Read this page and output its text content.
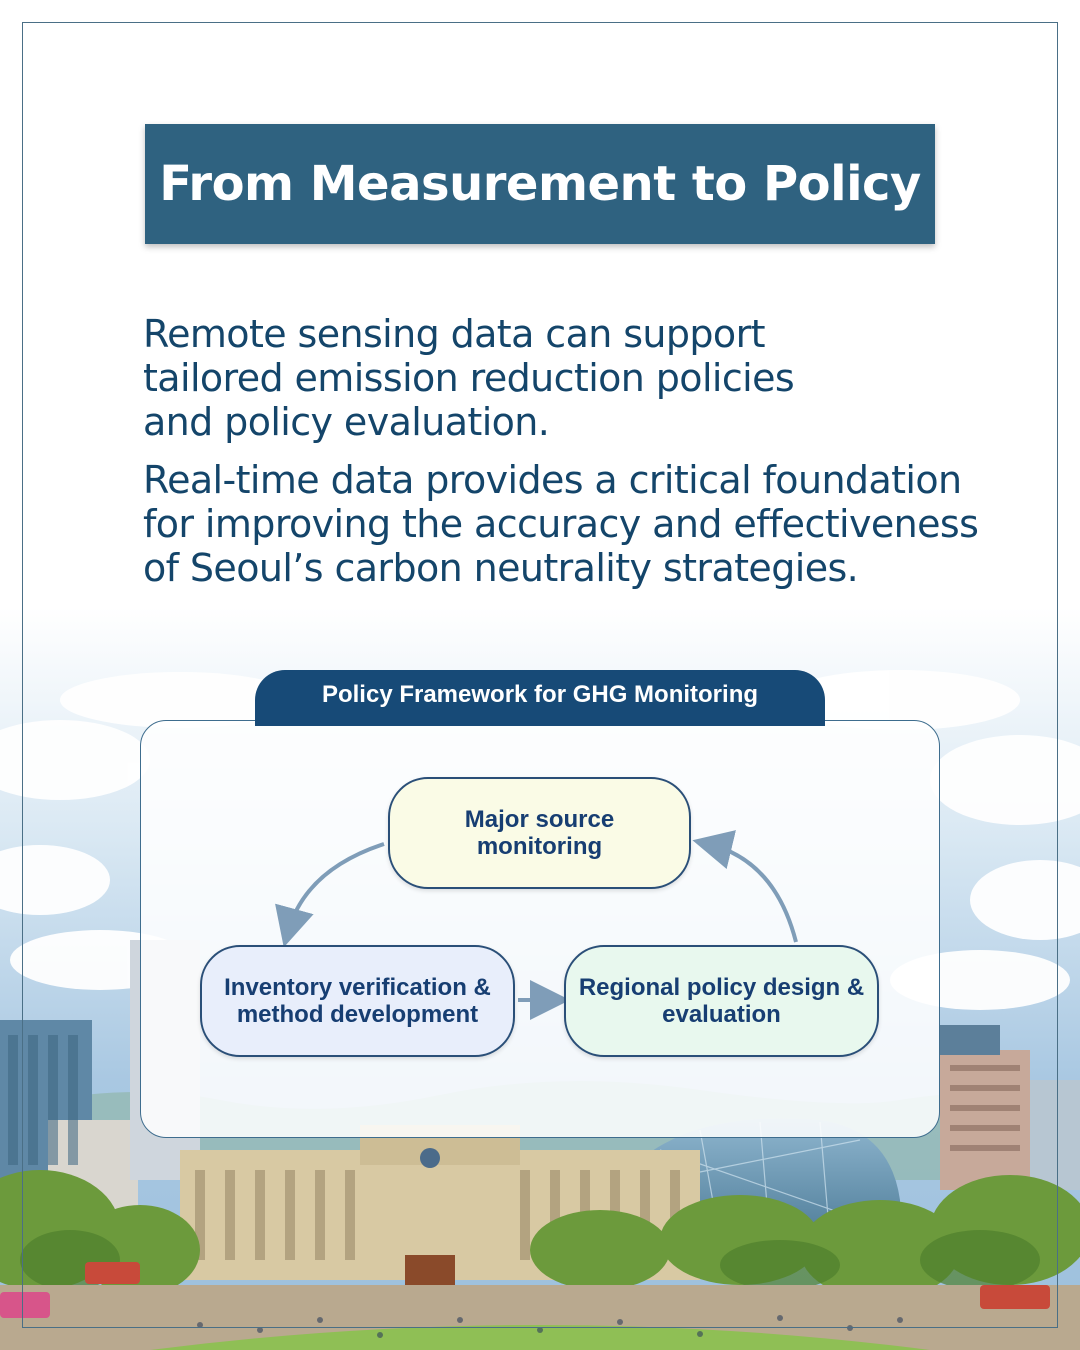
From Measurement to Policy
Remote sensing data can support
tailored emission reduction policies
and policy evaluation.
Real-time data provides a critical foundation
for improving the accuracy and effectiveness
of Seoul’s carbon neutrality strategies.
Policy Framework for GHG Monitoring
Major source
monitoring
Inventory verification &
method development
Regional policy design &
evaluation
